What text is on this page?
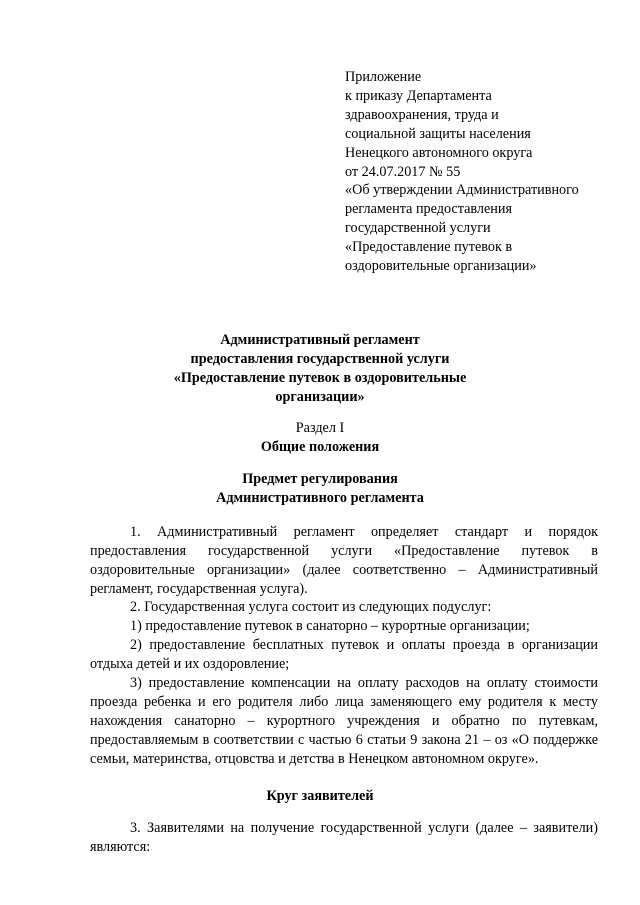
Приложение
к приказу Департамента
здравоохранения, труда и
социальной защиты населения
Ненецкого автономного округа
от 24.07.2017 № 55
«Об утверждении Административного
регламента предоставления
государственной услуги
«Предоставление путевок в
оздоровительные организации»
Административный регламент
предоставления государственной услуги
«Предоставление путевок в оздоровительные
организации»
Раздел I
Общие положения
Предмет регулирования
Административного регламента
1. Административный регламент определяет стандарт и порядок предоставления государственной услуги «Предоставление путевок в оздоровительные организации» (далее соответственно – Административный регламент, государственная услуга).
2. Государственная услуга состоит из следующих подуслуг:
1) предоставление путевок в санаторно – курортные организации;
2) предоставление бесплатных путевок и оплаты проезда в организации отдыха детей и их оздоровление;
3) предоставление компенсации на оплату расходов на оплату стоимости проезда ребенка и его родителя либо лица заменяющего ему родителя к месту нахождения санаторно – курортного учреждения и обратно по путевкам, предоставляемым в соответствии с частью 6 статьи 9 закона 21 – оз «О поддержке семьи, материнства, отцовства и детства в Ненецком автономном округе».
Круг заявителей
3. Заявителями на получение государственной услуги (далее – заявители) являются:
